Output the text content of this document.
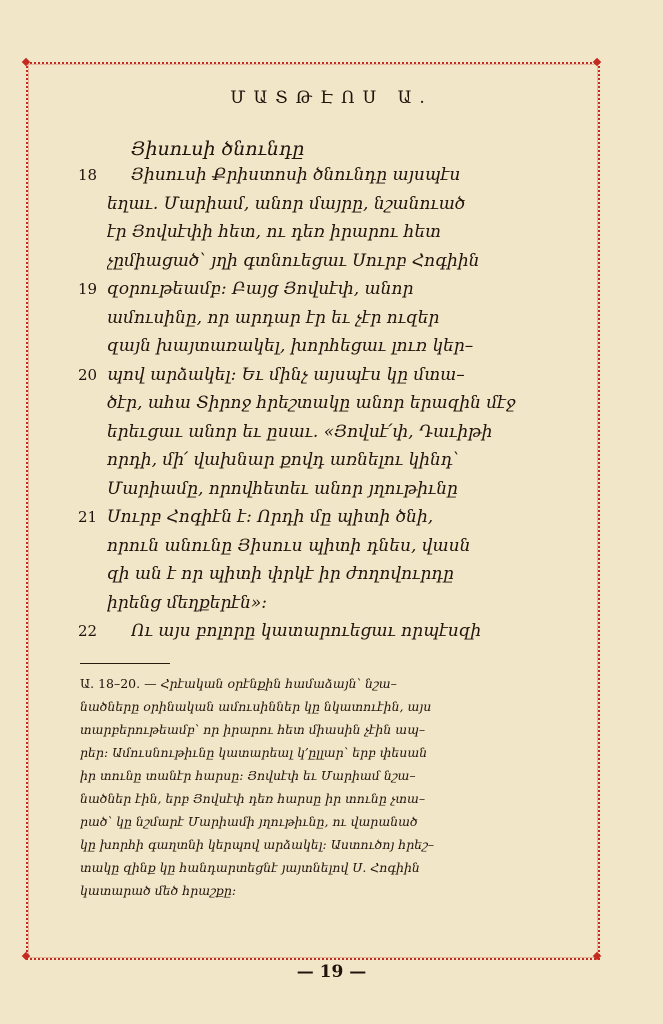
ՄԱՏԹԷՈՍ Ա.
Յիսուսի ծնունդը
18 Յիսուսի Քրիստոսի ծնունդը այսպէս
եղաւ. Մարիամ, անոր մայրը, նշանուած
էր Յովսէփի հետ, ու դեռ իրարու հետ
չըմիացած՝ յղի գտնուեցաւ Սուրբ Հոգիին
19 զօրութեամբ: Բայց Յովսէփ, անոր
ամուսինը, որ արդար էր եւ չէր ուզեր
զայն խայտառակել, խորհեցաւ լուռ կեր–
20 պով արձակել: Եւ մինչ այսպէս կը մտա–
ծէր, ահա Տիրոջ հրեշտակը անոր երազին մէջ
երեւցաւ անոր եւ ըսաւ. «Յովսէ՛փ, Դաւիթի
որդի, մի՛ վախնար քովդ առնելու կինդ՝
Մարիամը, որովհետեւ անոր յղութիւնը
21 Սուրբ Հոգիէն է: Որդի մը պիտի ծնի,
որուն անունը Յիսուս պիտի դնես, վասն
զի ան է որ պիտի փրկէ իր ժողովուրդը
իրենց մեղքերէն»:
22 Ու այս բոլորը կատարուեցաւ որպէսզի
Ա. 18–20. — Հրէական օրէնքին համաձայն՝ նշա–
նածները օրինական ամուսիններ կը նկատուէին, այս
տարբերութեամբ՝ որ իրարու հետ միասին չէին ապ–
րեր: Ամուսնութիւնը կատարեալ կ՚ըլլար՝ երբ փեսան
իր տունը տանէր հարսը: Յովսէփ եւ Մարիամ նշա–
նածներ էին, երբ Յովսէփ դեռ հարսը իր տունը չտա–
րած՝ կը նշմարէ Մարիամի յղութիւնը, ու վարանած
կը խորհի գաղտնի կերպով արձակել: Աստուծոյ հրեշ–
տակը զինք կը հանդարտեցնէ յայտնելով Ս. Հոգիին
կատարած մեծ հրաշքը:
— 19 —
